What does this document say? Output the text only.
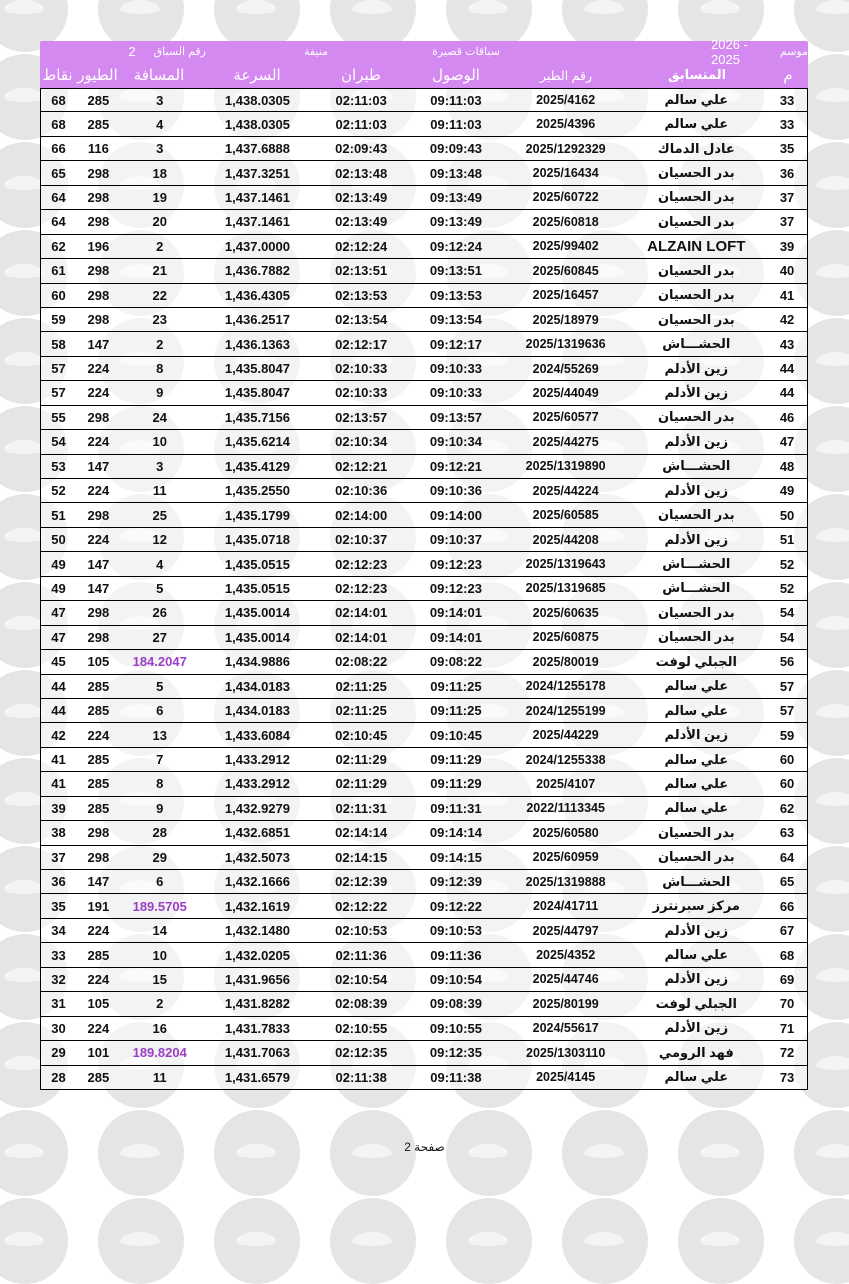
موسم
2026 - 2025
سباقات قصيرة
منيفة
رقم السباق
2
م
المتسابق
رقم الطير
الوصول
طيران
السرعة
المسافة
الطيور
نقاط
33
علي سالم
2025/4162
09:11:03
02:11:03
1,438.0305
3
285
68
33
علي سالم
2025/4396
09:11:03
02:11:03
1,438.0305
4
285
68
35
عادل الدماك
2025/1292329
09:09:43
02:09:43
1,437.6888
3
116
66
36
بدر الحسيان
2025/16434
09:13:48
02:13:48
1,437.3251
18
298
65
37
بدر الحسيان
2025/60722
09:13:49
02:13:49
1,437.1461
19
298
64
37
بدر الحسيان
2025/60818
09:13:49
02:13:49
1,437.1461
20
298
64
39
ALZAIN LOFT
2025/99402
09:12:24
02:12:24
1,437.0000
2
196
62
40
بدر الحسيان
2025/60845
09:13:51
02:13:51
1,436.7882
21
298
61
41
بدر الحسيان
2025/16457
09:13:53
02:13:53
1,436.4305
22
298
60
42
بدر الحسيان
2025/18979
09:13:54
02:13:54
1,436.2517
23
298
59
43
الحشـــاش
2025/1319636
09:12:17
02:12:17
1,436.1363
2
147
58
44
زين الأدلم
2024/55269
09:10:33
02:10:33
1,435.8047
8
224
57
44
زين الأدلم
2025/44049
09:10:33
02:10:33
1,435.8047
9
224
57
46
بدر الحسيان
2025/60577
09:13:57
02:13:57
1,435.7156
24
298
55
47
زين الأدلم
2025/44275
09:10:34
02:10:34
1,435.6214
10
224
54
48
الحشـــاش
2025/1319890
09:12:21
02:12:21
1,435.4129
3
147
53
49
زين الأدلم
2025/44224
09:10:36
02:10:36
1,435.2550
11
224
52
50
بدر الحسيان
2025/60585
09:14:00
02:14:00
1,435.1799
25
298
51
51
زين الأدلم
2025/44208
09:10:37
02:10:37
1,435.0718
12
224
50
52
الحشـــاش
2025/1319643
09:12:23
02:12:23
1,435.0515
4
147
49
52
الحشـــاش
2025/1319685
09:12:23
02:12:23
1,435.0515
5
147
49
54
بدر الحسيان
2025/60635
09:14:01
02:14:01
1,435.0014
26
298
47
54
بدر الحسيان
2025/60875
09:14:01
02:14:01
1,435.0014
27
298
47
56
الجبلي لوفت
2025/80019
09:08:22
02:08:22
1,434.9886
184.2047
105
45
57
علي سالم
2024/1255178
09:11:25
02:11:25
1,434.0183
5
285
44
57
علي سالم
2024/1255199
09:11:25
02:11:25
1,434.0183
6
285
44
59
زين الأدلم
2025/44229
09:10:45
02:10:45
1,433.6084
13
224
42
60
علي سالم
2024/1255338
09:11:29
02:11:29
1,433.2912
7
285
41
60
علي سالم
2025/4107
09:11:29
02:11:29
1,433.2912
8
285
41
62
علي سالم
2022/1113345
09:11:31
02:11:31
1,432.9279
9
285
39
63
بدر الحسيان
2025/60580
09:14:14
02:14:14
1,432.6851
28
298
38
64
بدر الحسيان
2025/60959
09:14:15
02:14:15
1,432.5073
29
298
37
65
الحشـــاش
2025/1319888
09:12:39
02:12:39
1,432.1666
6
147
36
66
مركز سبرنترز
2024/41711
09:12:22
02:12:22
1,432.1619
189.5705
191
35
67
زين الأدلم
2025/44797
09:10:53
02:10:53
1,432.1480
14
224
34
68
علي سالم
2025/4352
09:11:36
02:11:36
1,432.0205
10
285
33
69
زين الأدلم
2025/44746
09:10:54
02:10:54
1,431.9656
15
224
32
70
الجبلي لوفت
2025/80199
09:08:39
02:08:39
1,431.8282
2
105
31
71
زين الأدلم
2024/55617
09:10:55
02:10:55
1,431.7833
16
224
30
72
فهد الرومي
2025/1303110
09:12:35
02:12:35
1,431.7063
189.8204
101
29
73
علي سالم
2025/4145
09:11:38
02:11:38
1,431.6579
11
285
28
صفحة 2
